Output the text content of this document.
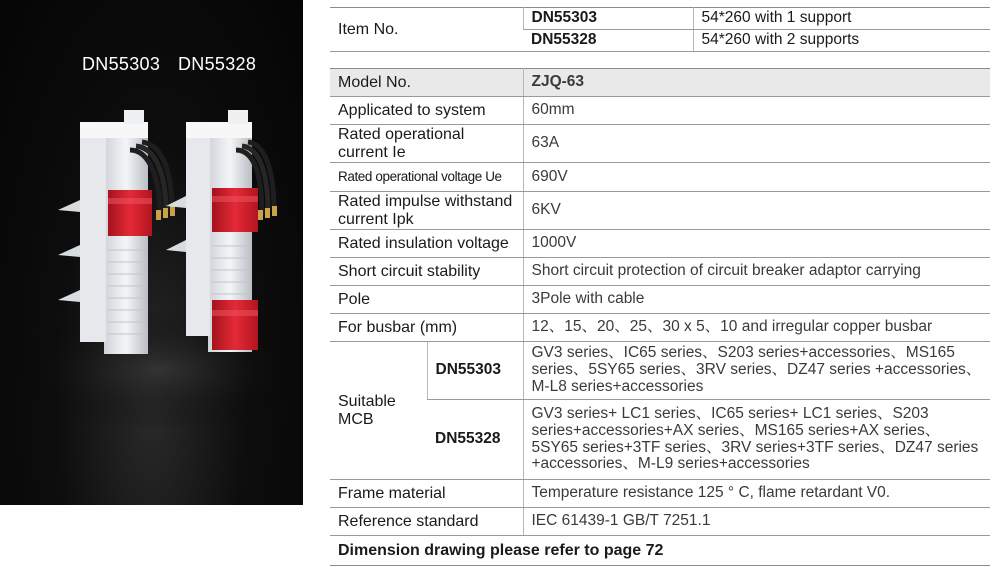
DN55303 DN55328
Item No.	DN55303	54*260 with 1 support
	DN55328	54*260 with 2 supports
Model No.		ZJQ-63
Applicated to system		60mm
Rated operational current Ie		63A
Rated operational voltage Ue		690V
Rated impulse withstand current Ipk		6KV
Rated insulation voltage		1000V
Short circuit stability		Short circuit protection of circuit breaker adaptor carrying
Pole		3Pole with cable
For busbar (mm)		12、15、20、25、30 x 5、10 and irregular copper busbar
Suitable MCB	DN55303	GV3 series、IC65 series、S203 series+accessories、MS165 series、5SY65 series、3RV series、DZ47 series +accessories、M-L8 series+accessories
	DN55328	GV3 series+ LC1 series、IC65 series+ LC1 series、S203 series+accessories+AX series、MS165 series+AX series、5SY65 series+3TF series、3RV series+3TF series、DZ47 series +accessories、M-L9 series+accessories
Frame material		Temperature resistance 125 ° C, flame retardant V0.
Reference standard		IEC 61439-1 GB/T 7251.1
Dimension drawing please refer to page 72		
